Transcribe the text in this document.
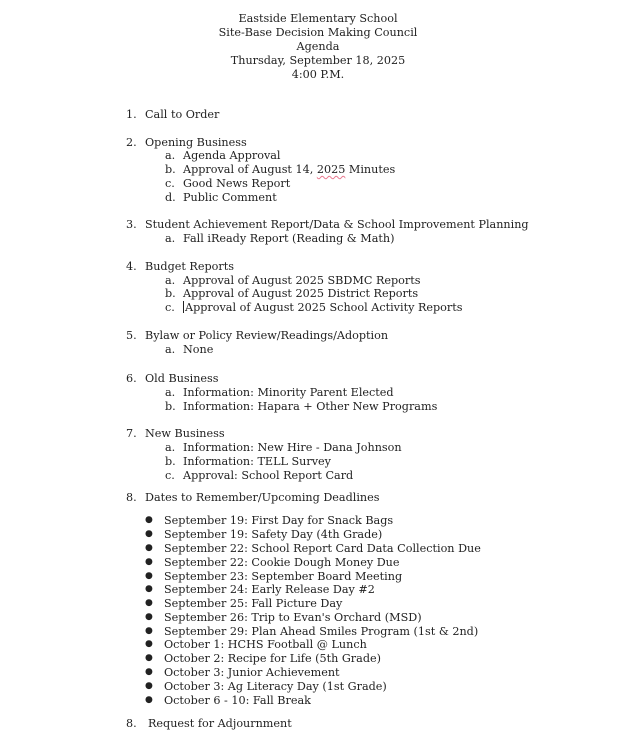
Eastside Elementary School
Site-Base Decision Making Council
Agenda
Thursday, September 18, 2025
4:00 P.M.
1. Call to Order
2. Opening Business
a. Agenda Approval
b. Approval of August 14, 2025 Minutes
c. Good News Report
d. Public Comment
3. Student Achievement Report/Data & School Improvement Planning
a. Fall iReady Report (Reading & Math)
4. Budget Reports
a. Approval of August 2025 SBDMC Reports
b. Approval of August 2025 District Reports
c. Approval of August 2025 School Activity Reports
5. Bylaw or Policy Review/Readings/Adoption
a. None
6. Old Business
a. Information: Minority Parent Elected
b. Information: Hapara + Other New Programs
7. New Business
a. Information: New Hire - Dana Johnson
b. Information: TELL Survey
c. Approval: School Report Card
8. Dates to Remember/Upcoming Deadlines
● September 19: First Day for Snack Bags
● September 19: Safety Day (4th Grade)
● September 22: School Report Card Data Collection Due
● September 22: Cookie Dough Money Due
● September 23: September Board Meeting
● September 24: Early Release Day #2
● September 25: Fall Picture Day
● September 26: Trip to Evan's Orchard (MSD)
● September 29: Plan Ahead Smiles Program (1st & 2nd)
● October 1: HCHS Football @ Lunch
● October 2: Recipe for Life (5th Grade)
● October 3: Junior Achievement
● October 3: Ag Literacy Day (1st Grade)
● October 6 - 10: Fall Break
8. Request for Adjournment
